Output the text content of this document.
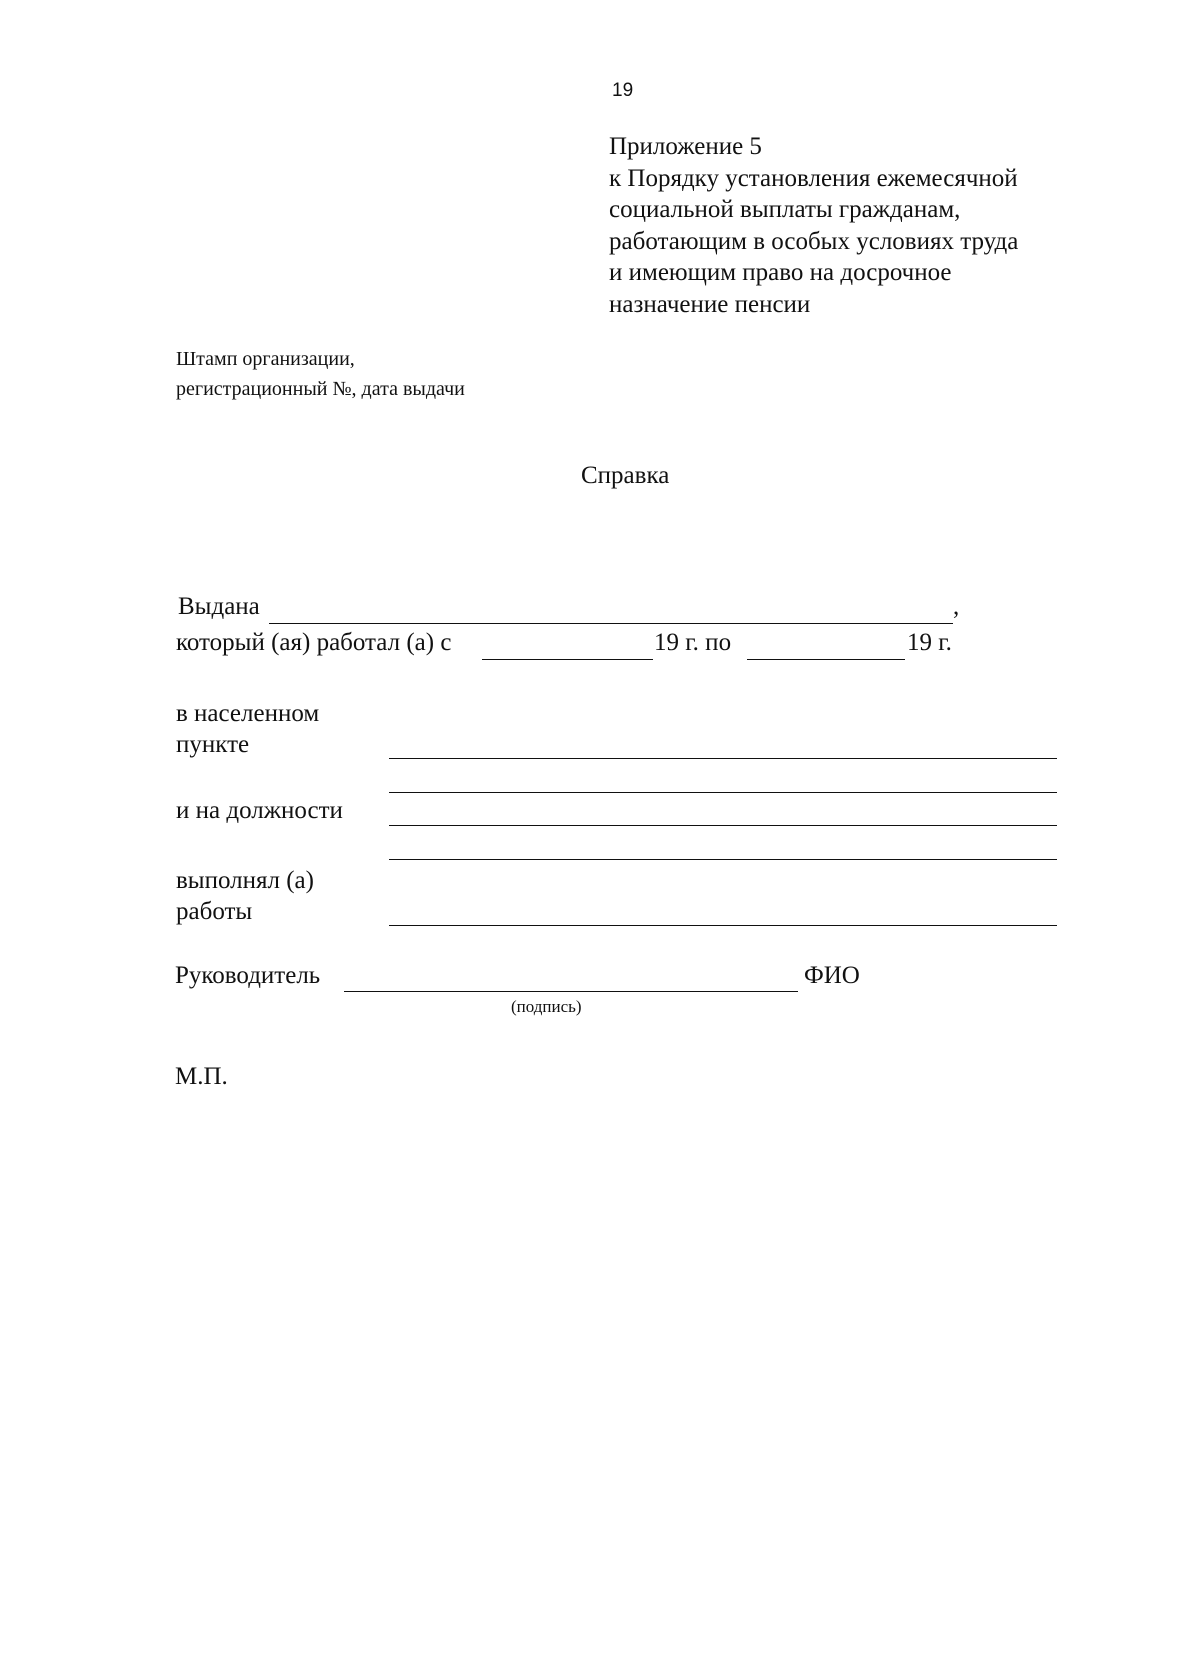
19
Приложение 5
к Порядку установления ежемесячной
социальной выплаты гражданам,
работающим в особых условиях труда
и имеющим право на досрочное
назначение пенсии
Штамп организации,
регистрационный №, дата выдачи
Справка
Выдана	,
который (ая) работал (а) с	19 г. по	19 г.
в населенном
пункте
и на должности
выполнял (а)
работы
Руководитель	ФИО
(подпись)
М.П.
